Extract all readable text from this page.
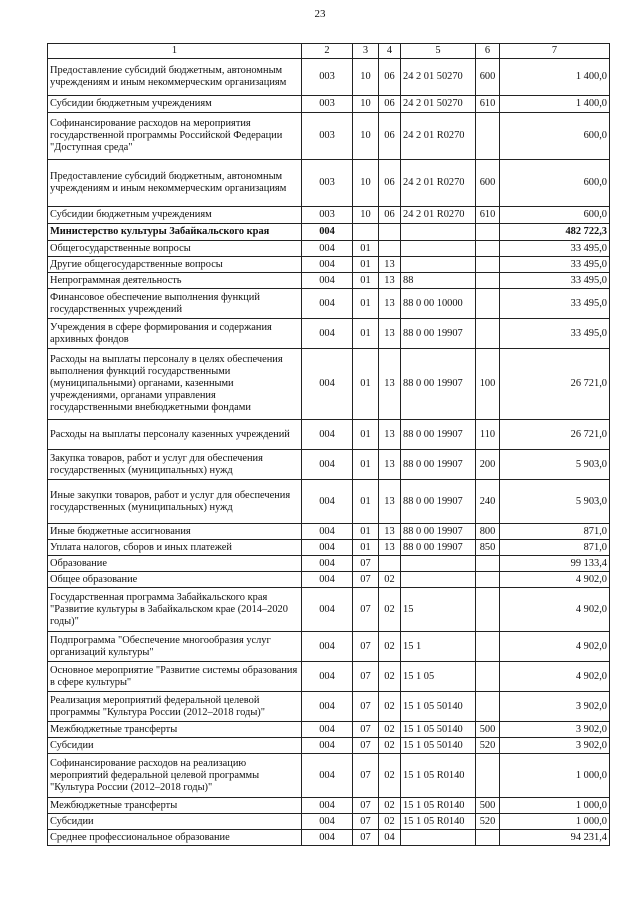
23
1	2	3	4	5	6	7
Предоставление субсидий бюджетным, автономным учреждениям и иным некоммерческим организациям	003	10	06	24 2 01 50270	600	1 400,0
Субсидии бюджетным учреждениям	003	10	06	24 2 01 50270	610	1 400,0
Софинансирование расходов на мероприятия государственной программы Российской Федерации "Доступная среда"	003	10	06	24 2 01 R0270		600,0
Предоставление субсидий бюджетным, автономным учреждениям и иным некоммерческим организациям	003	10	06	24 2 01 R0270	600	600,0
Субсидии бюджетным учреждениям	003	10	06	24 2 01 R0270	610	600,0
Министерство культуры Забайкальского края	004					482 722,3
Общегосударственные вопросы	004	01				33 495,0
Другие общегосударственные вопросы	004	01	13			33 495,0
Непрограммная деятельность	004	01	13	88		33 495,0
Финансовое обеспечение выполнения функций государственных учреждений	004	01	13	88 0 00 10000		33 495,0
Учреждения в сфере формирования и содержания архивных фондов	004	01	13	88 0 00 19907		33 495,0
Расходы на выплаты персоналу в целях обеспечения выполнения функций государственными (муниципальными) органами, казенными учреждениями, органами управления государственными внебюджетными фондами	004	01	13	88 0 00 19907	100	26 721,0
Расходы на выплаты персоналу казенных учреждений	004	01	13	88 0 00 19907	110	26 721,0
Закупка товаров, работ и услуг для обеспечения государственных (муниципальных) нужд	004	01	13	88 0 00 19907	200	5 903,0
Иные закупки товаров, работ и услуг для обеспечения государственных (муниципальных) нужд	004	01	13	88 0 00 19907	240	5 903,0
Иные бюджетные ассигнования	004	01	13	88 0 00 19907	800	871,0
Уплата налогов, сборов и иных платежей	004	01	13	88 0 00 19907	850	871,0
Образование	004	07				99 133,4
Общее образование	004	07	02			4 902,0
Государственная программа Забайкальского края "Развитие культуры в Забайкальском крае (2014–2020 годы)"	004	07	02	15		4 902,0
Подпрограмма "Обеспечение многообразия услуг организаций культуры"	004	07	02	15 1		4 902,0
Основное мероприятие "Развитие системы образования в сфере культуры"	004	07	02	15 1 05		4 902,0
Реализация мероприятий федеральной целевой программы "Культура России (2012–2018 годы)"	004	07	02	15 1 05 50140		3 902,0
Межбюджетные трансферты	004	07	02	15 1 05 50140	500	3 902,0
Субсидии	004	07	02	15 1 05 50140	520	3 902,0
Софинансирование расходов на реализацию мероприятий федеральной целевой программы "Культура России (2012–2018 годы)"	004	07	02	15 1 05 R0140		1 000,0
Межбюджетные трансферты	004	07	02	15 1 05 R0140	500	1 000,0
Субсидии	004	07	02	15 1 05 R0140	520	1 000,0
Среднее профессиональное образование	004	07	04			94 231,4
